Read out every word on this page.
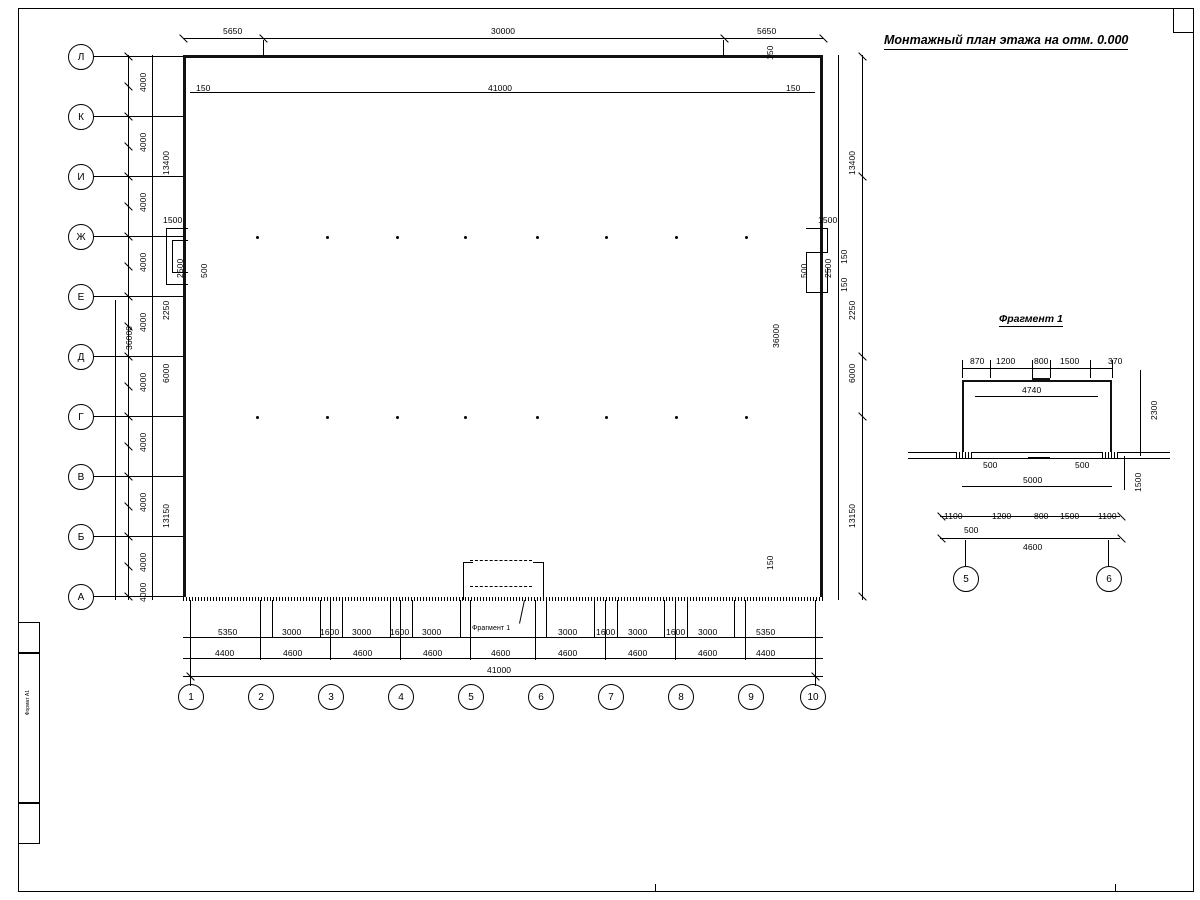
Формат А1
Монтажный план этажа на отм. 0.000
Фрагмент 1
5650	30000	5650
150	41000	150
150
150
4000
4000
4000
4000
4000
4000
4000
4000
4000
4000
13400
2250
6000
13150
36000
1500
2500 500
13400
2250
6000
13150
36000
1500
2500
500
150
150
5350	3000 1600 3000 1600 3000	3000 1600 3000 1600 3000	5350
4400	4600	4600	4600	4600	4600	4600	4600	4400
41000
Л
К
И
Ж
Е
Д
Г
В
Б
А
1	2	3	4	5	6	7	8	9	10
Фрагмент 1
870 1200 800 1500	370
4740
500	500
5000
1100	1200	800 1500 1100
500
4600
2300
1500
5	6
